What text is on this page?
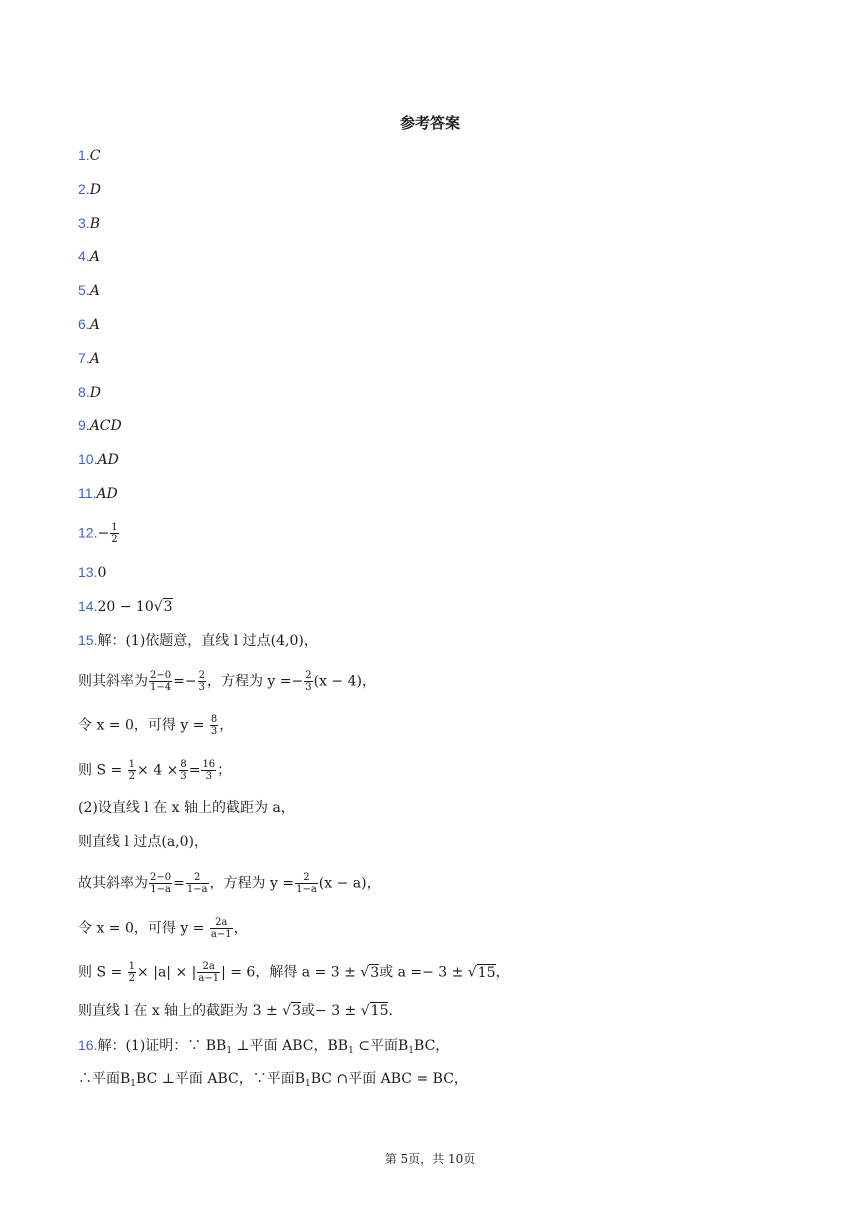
参考答案
1.C
2.D
3.B
4.A
5.A
6.A
7.A
8.D
9.ACD
10.AD
11.AD
$12.- \frac{1}{2}$
13.0
14.20 − 10√3
15.解：(1)依题意，直线 l 过点(4,0)，
则其斜率为 $\frac{2-0}{1-4} =- \frac{2}{3}$ ，方程为 $y =- \frac{2}{3} (x - 4)$，
令 x = 0，可得 $y = \frac{8}{3}$ ，
则 $S = \frac{1}{2} \times 4 \times \frac{8}{3} = \frac{16}{3}$ ；
(2)设直线 l 在 x 轴上的截距为 a，
则直线 l 过点(a,0)，
故其斜率为 $\frac{2-0}{1-a} = \frac{2}{1-a}$ ，方程为 $y = \frac{2}{1-a} (x - a)$，
令 x = 0，可得 $y = \frac{2a}{a-1}$ ，
则 $S = \frac{1}{2} \times |a|$ × | $\frac{2a}{a-1}$ | = 6，解得 a = 3 ± √3或 a =− 3 ± √15，
则直线 l 在 x 轴上的截距为 3 ± √3或− 3 ± √15.
16.解：(1)证明：∵ $BB_1$ ⊥平面 ABC，$BB_1$ ⊂平面$B_1BC$，
∴平面$B_1BC$ ⊥平面 ABC，∵平面$B_1BC$ ∩平面 ABC = BC，
第 5页，共 10页
